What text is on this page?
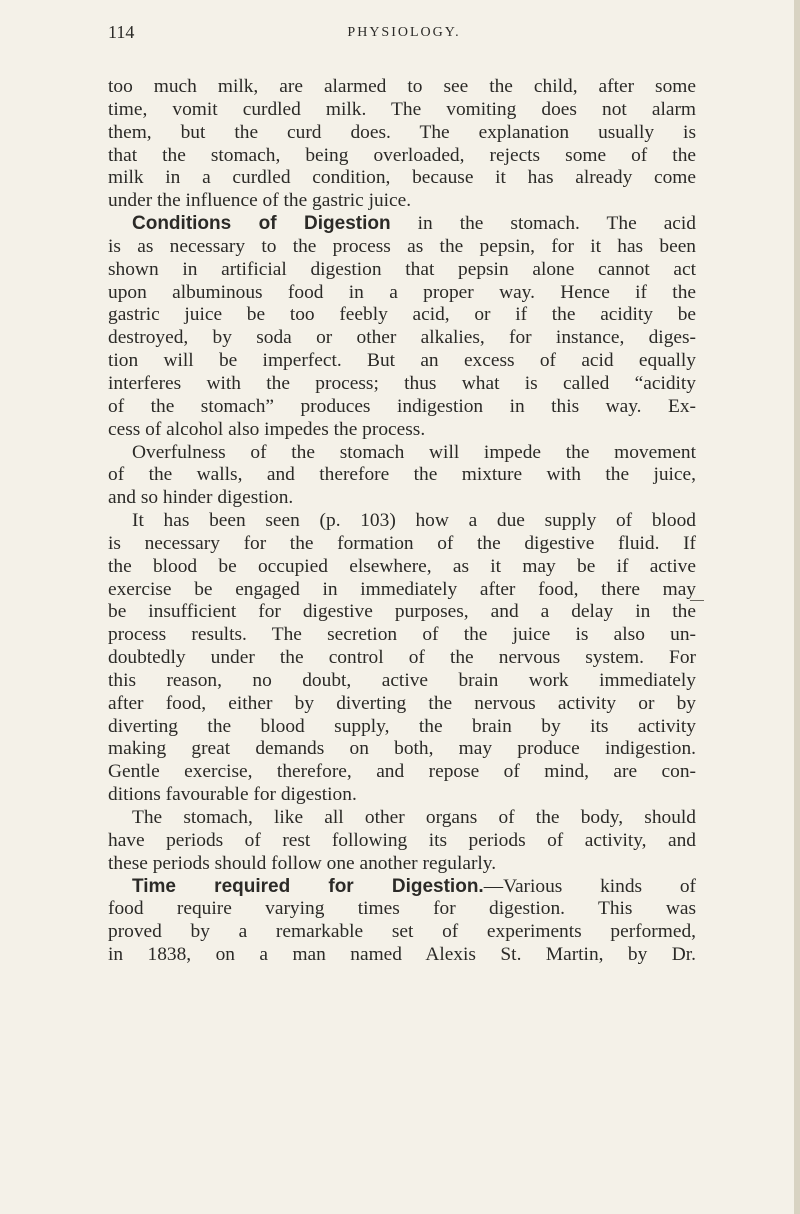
114	PHYSIOLOGY.
too much milk, are alarmed to see the child, after some
time, vomit curdled milk. The vomiting does not alarm
them, but the curd does. The explanation usually is
that the stomach, being overloaded, rejects some of the
milk in a curdled condition, because it has already come
under the influence of the gastric juice.
Conditions of Digestion in the stomach. The acid
is as necessary to the process as the pepsin, for it has been
shown in artificial digestion that pepsin alone cannot act
upon albuminous food in a proper way. Hence if the
gastric juice be too feebly acid, or if the acidity be
destroyed, by soda or other alkalies, for instance, diges-
tion will be imperfect. But an excess of acid equally
interferes with the process; thus what is called “acidity
of the stomach” produces indigestion in this way. Ex-
cess of alcohol also impedes the process.
Overfulness of the stomach will impede the movement
of the walls, and therefore the mixture with the juice,
and so hinder digestion.
It has been seen (p. 103) how a due supply of blood
is necessary for the formation of the digestive fluid. If
the blood be occupied elsewhere, as it may be if active
exercise be engaged in immediately after food, there may
be insufficient for digestive purposes, and a delay in the
process results. The secretion of the juice is also un-
doubtedly under the control of the nervous system. For
this reason, no doubt, active brain work immediately
after food, either by diverting the nervous activity or by
diverting the blood supply, the brain by its activity
making great demands on both, may produce indigestion.
Gentle exercise, therefore, and repose of mind, are con-
ditions favourable for digestion.
The stomach, like all other organs of the body, should
have periods of rest following its periods of activity, and
these periods should follow one another regularly.
Time required for Digestion.—Various kinds of
food require varying times for digestion. This was
proved by a remarkable set of experiments performed,
in 1838, on a man named Alexis St. Martin, by Dr.
